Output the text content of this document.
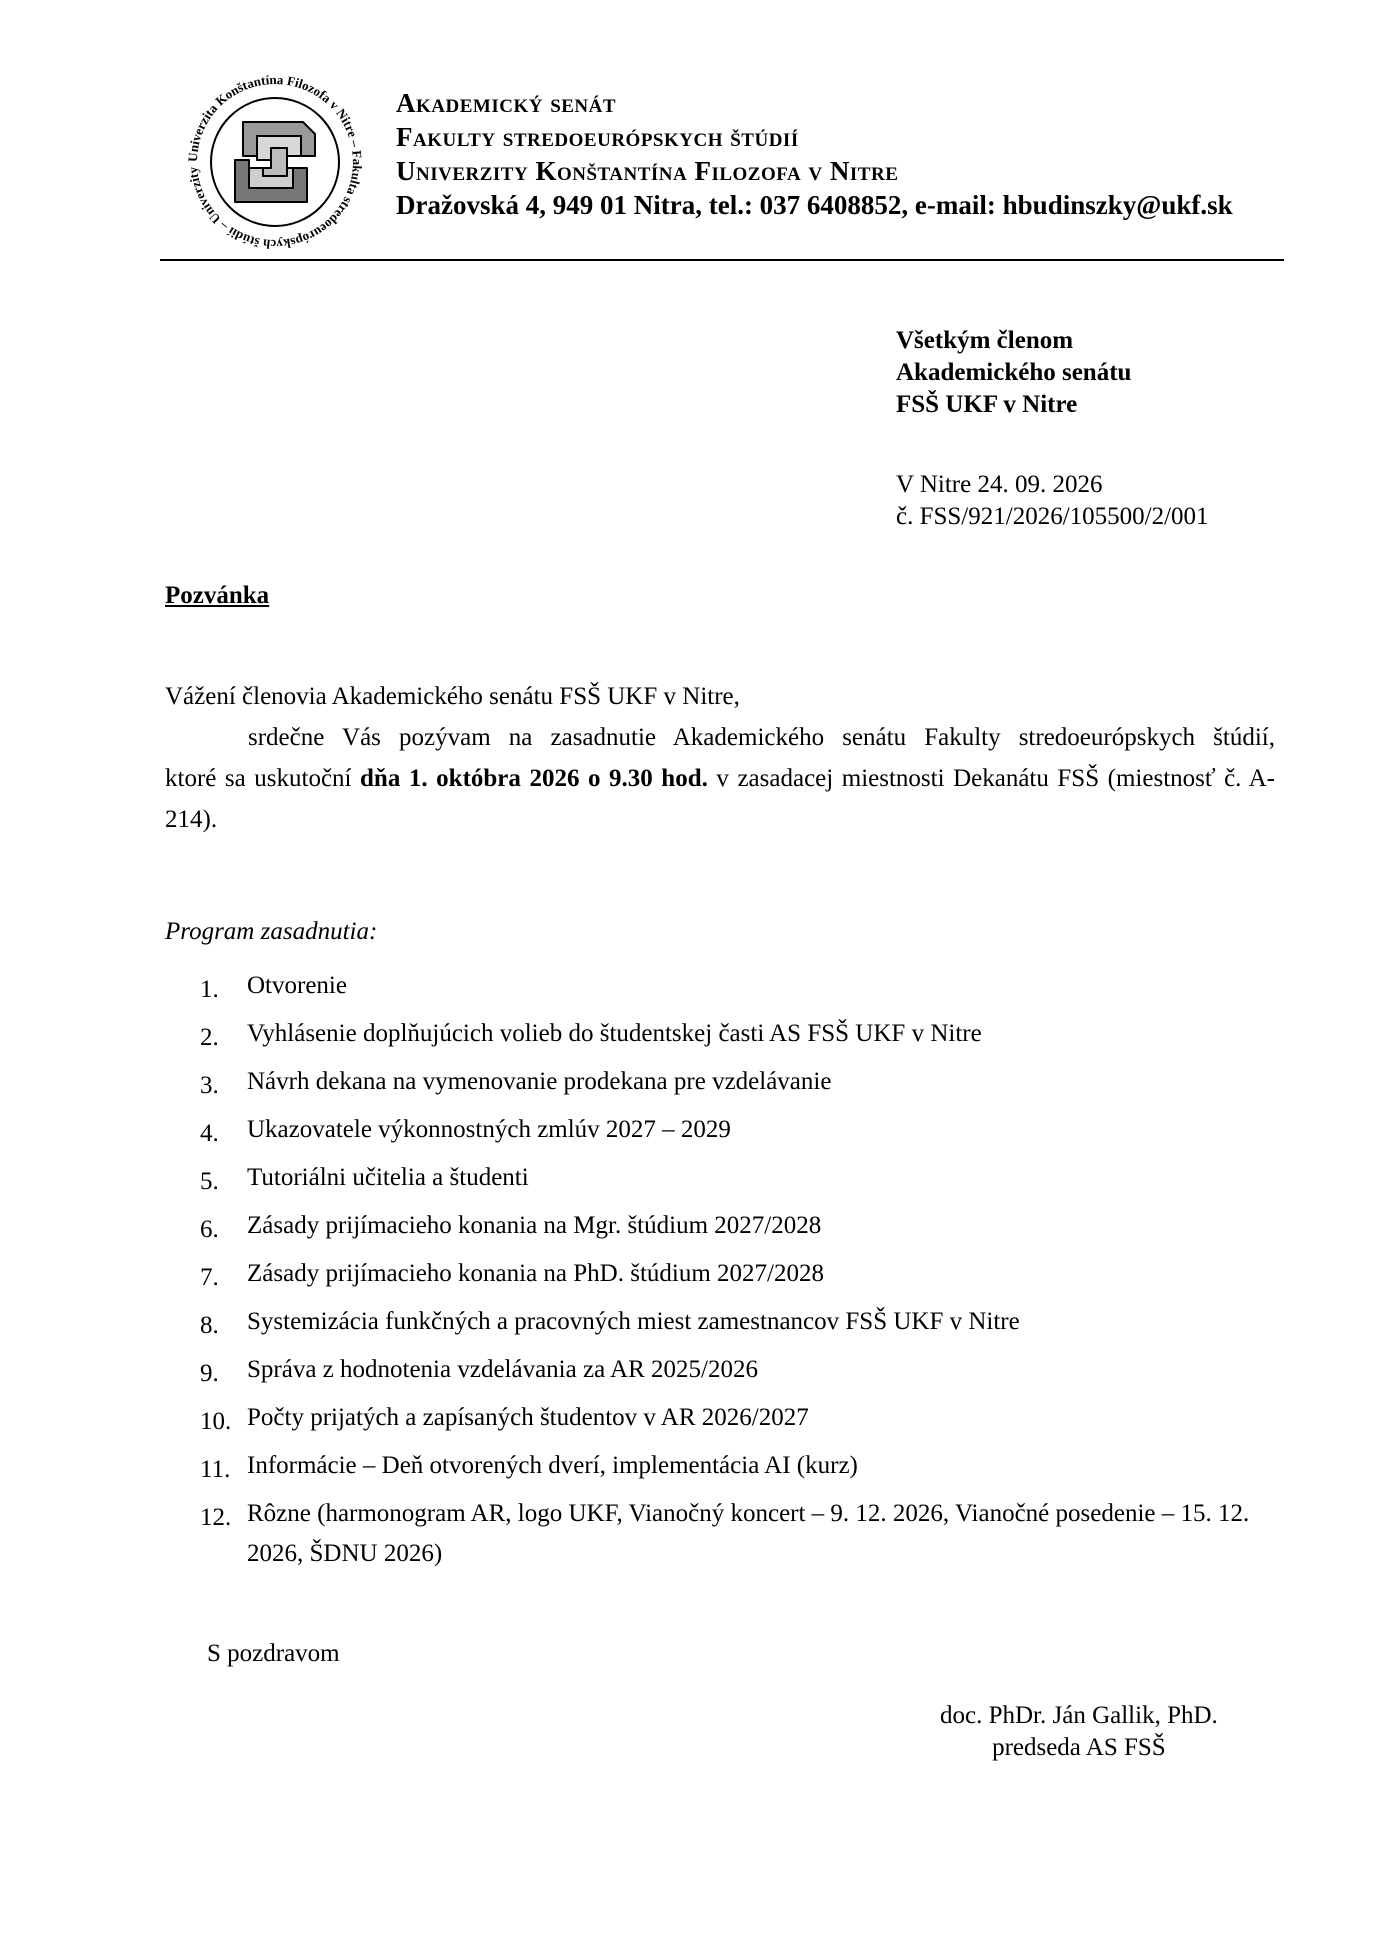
Univerzita Konštantína Filozofa v Nitre – Fakulta stredoeurópskych štúdií – Univerzity
Akademický senát
Fakulty stredoeurópskych štúdií
Univerzity Konštantína Filozofa v Nitre
Dražovská 4, 949 01 Nitra, tel.: 037 6408852, e-mail: hbudinszky@ukf.sk
Všetkým členom
Akademického senátu
FSŠ UKF v Nitre
V Nitre 24. 09. 2026
č. FSS/921/2026/105500/2/001
Pozvánka

Vážení členovia Akademického senátu FSŠ UKF v Nitre,

srdečne Vás pozývam na zasadnutie Akademického senátu Fakulty stredoeurópskych štúdií,

ktoré sa uskutoční dňa 1. októbra 2026 o 9.30 hod. v zasadacej miestnosti Dekanátu FSŠ (miestnosť č. A-214).

Program zasadnutia:
1. Otvorenie
2. Vyhlásenie doplňujúcich volieb do študentskej časti AS FSŠ UKF v Nitre
3. Návrh dekana na vymenovanie prodekana pre vzdelávanie
4. Ukazovatele výkonnostných zmlúv 2027 – 2029
5. Tutoriálni učitelia a študenti
6. Zásady prijímacieho konania na Mgr. štúdium 2027/2028
7. Zásady prijímacieho konania na PhD. štúdium 2027/2028
8. Systemizácia funkčných a pracovných miest zamestnancov FSŠ UKF v Nitre
9. Správa z hodnotenia vzdelávania za AR 2025/2026
10. Počty prijatých a zapísaných študentov v AR 2026/2027
11. Informácie – Deň otvorených dverí, implementácia AI (kurz)
12. Rôzne (harmonogram AR, logo UKF, Vianočný koncert – 9. 12. 2026, Vianočné posedenie – 15. 12. 2026, ŠDNU 2026)
S pozdravom
doc. PhDr. Ján Gallik, PhD.
predseda AS FSŠ
